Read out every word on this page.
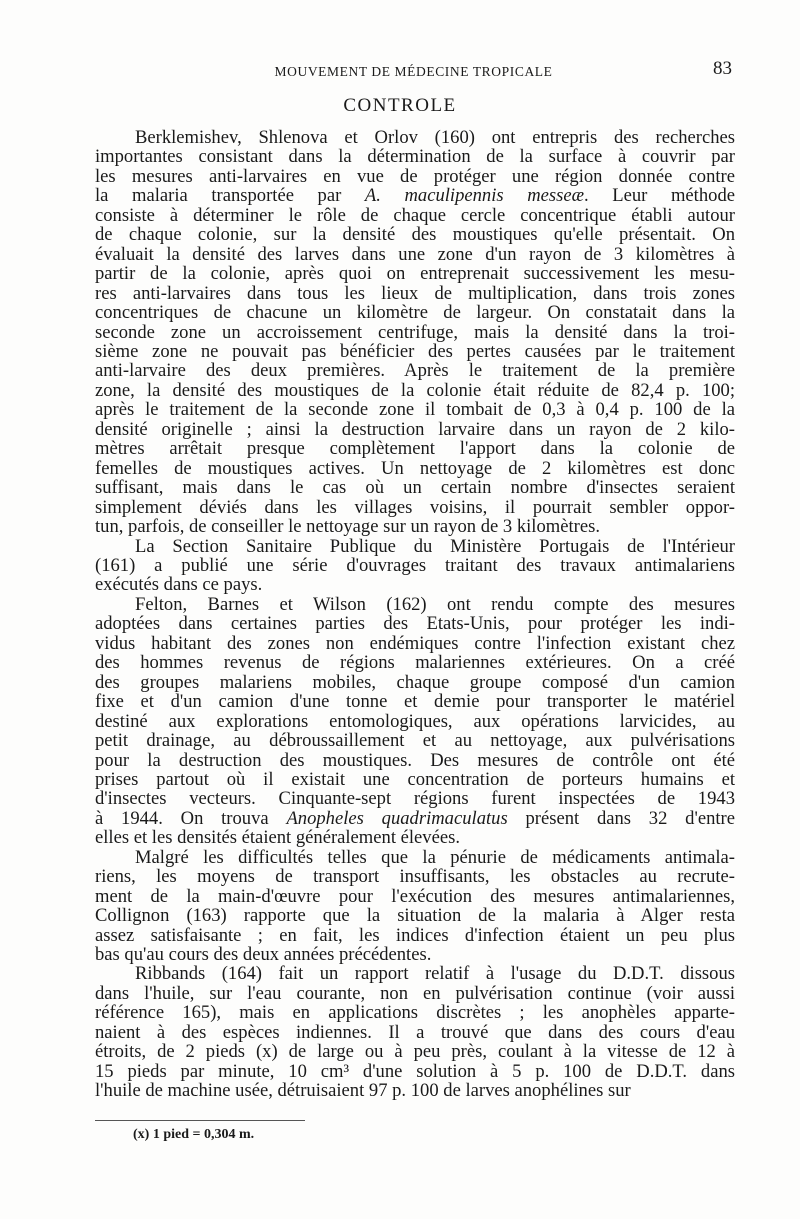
MOUVEMENT DE MÉDECINE TROPICALE	83
CONTROLE

Berklemishev, Shlenova et Orlov (160) ont entrepris des recherches
importantes consistant dans la détermination de la surface à couvrir par
les mesures anti-larvaires en vue de protéger une région donnée contre
la malaria transportée par A. maculipennis messeæ. Leur méthode
consiste à déterminer le rôle de chaque cercle concentrique établi autour
de chaque colonie, sur la densité des moustiques qu'elle présentait. On
évaluait la densité des larves dans une zone d'un rayon de 3 kilomètres à
partir de la colonie, après quoi on entreprenait successivement les mesu-
res anti-larvaires dans tous les lieux de multiplication, dans trois zones
concentriques de chacune un kilomètre de largeur. On constatait dans la
seconde zone un accroissement centrifuge, mais la densité dans la troi-
sième zone ne pouvait pas bénéficier des pertes causées par le traitement
anti-larvaire des deux premières. Après le traitement de la première
zone, la densité des moustiques de la colonie était réduite de 82,4 p. 100;
après le traitement de la seconde zone il tombait de 0,3 à 0,4 p. 100 de la
densité originelle ; ainsi la destruction larvaire dans un rayon de 2 kilo-
mètres arrêtait presque complètement l'apport dans la colonie de
femelles de moustiques actives. Un nettoyage de 2 kilomètres est donc
suffisant, mais dans le cas où un certain nombre d'insectes seraient
simplement déviés dans les villages voisins, il pourrait sembler oppor-
tun, parfois, de conseiller le nettoyage sur un rayon de 3 kilomètres.

La Section Sanitaire Publique du Ministère Portugais de l'Intérieur
(161) a publié une série d'ouvrages traitant des travaux antimalariens
exécutés dans ce pays.

Felton, Barnes et Wilson (162) ont rendu compte des mesures
adoptées dans certaines parties des Etats-Unis, pour protéger les indi-
vidus habitant des zones non endémiques contre l'infection existant chez
des hommes revenus de régions malariennes extérieures. On a créé
des groupes malariens mobiles, chaque groupe composé d'un camion
fixe et d'un camion d'une tonne et demie pour transporter le matériel
destiné aux explorations entomologiques, aux opérations larvicides, au
petit drainage, au débroussaillement et au nettoyage, aux pulvérisations
pour la destruction des moustiques. Des mesures de contrôle ont été
prises partout où il existait une concentration de porteurs humains et
d'insectes vecteurs. Cinquante-sept régions furent inspectées de 1943
à 1944. On trouva Anopheles quadrimaculatus présent dans 32 d'entre
elles et les densités étaient généralement élevées.

Malgré les difficultés telles que la pénurie de médicaments antimala-
riens, les moyens de transport insuffisants, les obstacles au recrute-
ment de la main-d'œuvre pour l'exécution des mesures antimalariennes,
Collignon (163) rapporte que la situation de la malaria à Alger resta
assez satisfaisante ; en fait, les indices d'infection étaient un peu plus
bas qu'au cours des deux années précédentes.

Ribbands (164) fait un rapport relatif à l'usage du D.D.T. dissous
dans l'huile, sur l'eau courante, non en pulvérisation continue (voir aussi
référence 165), mais en applications discrètes ; les anophèles apparte-
naient à des espèces indiennes. Il a trouvé que dans des cours d'eau
étroits, de 2 pieds (x) de large ou à peu près, coulant à la vitesse de 12 à
15 pieds par minute, 10 cm³ d'une solution à 5 p. 100 de D.D.T. dans
l'huile de machine usée, détruisaient 97 p. 100 de larves anophélines sur

(x) 1 pied = 0,304 m.
